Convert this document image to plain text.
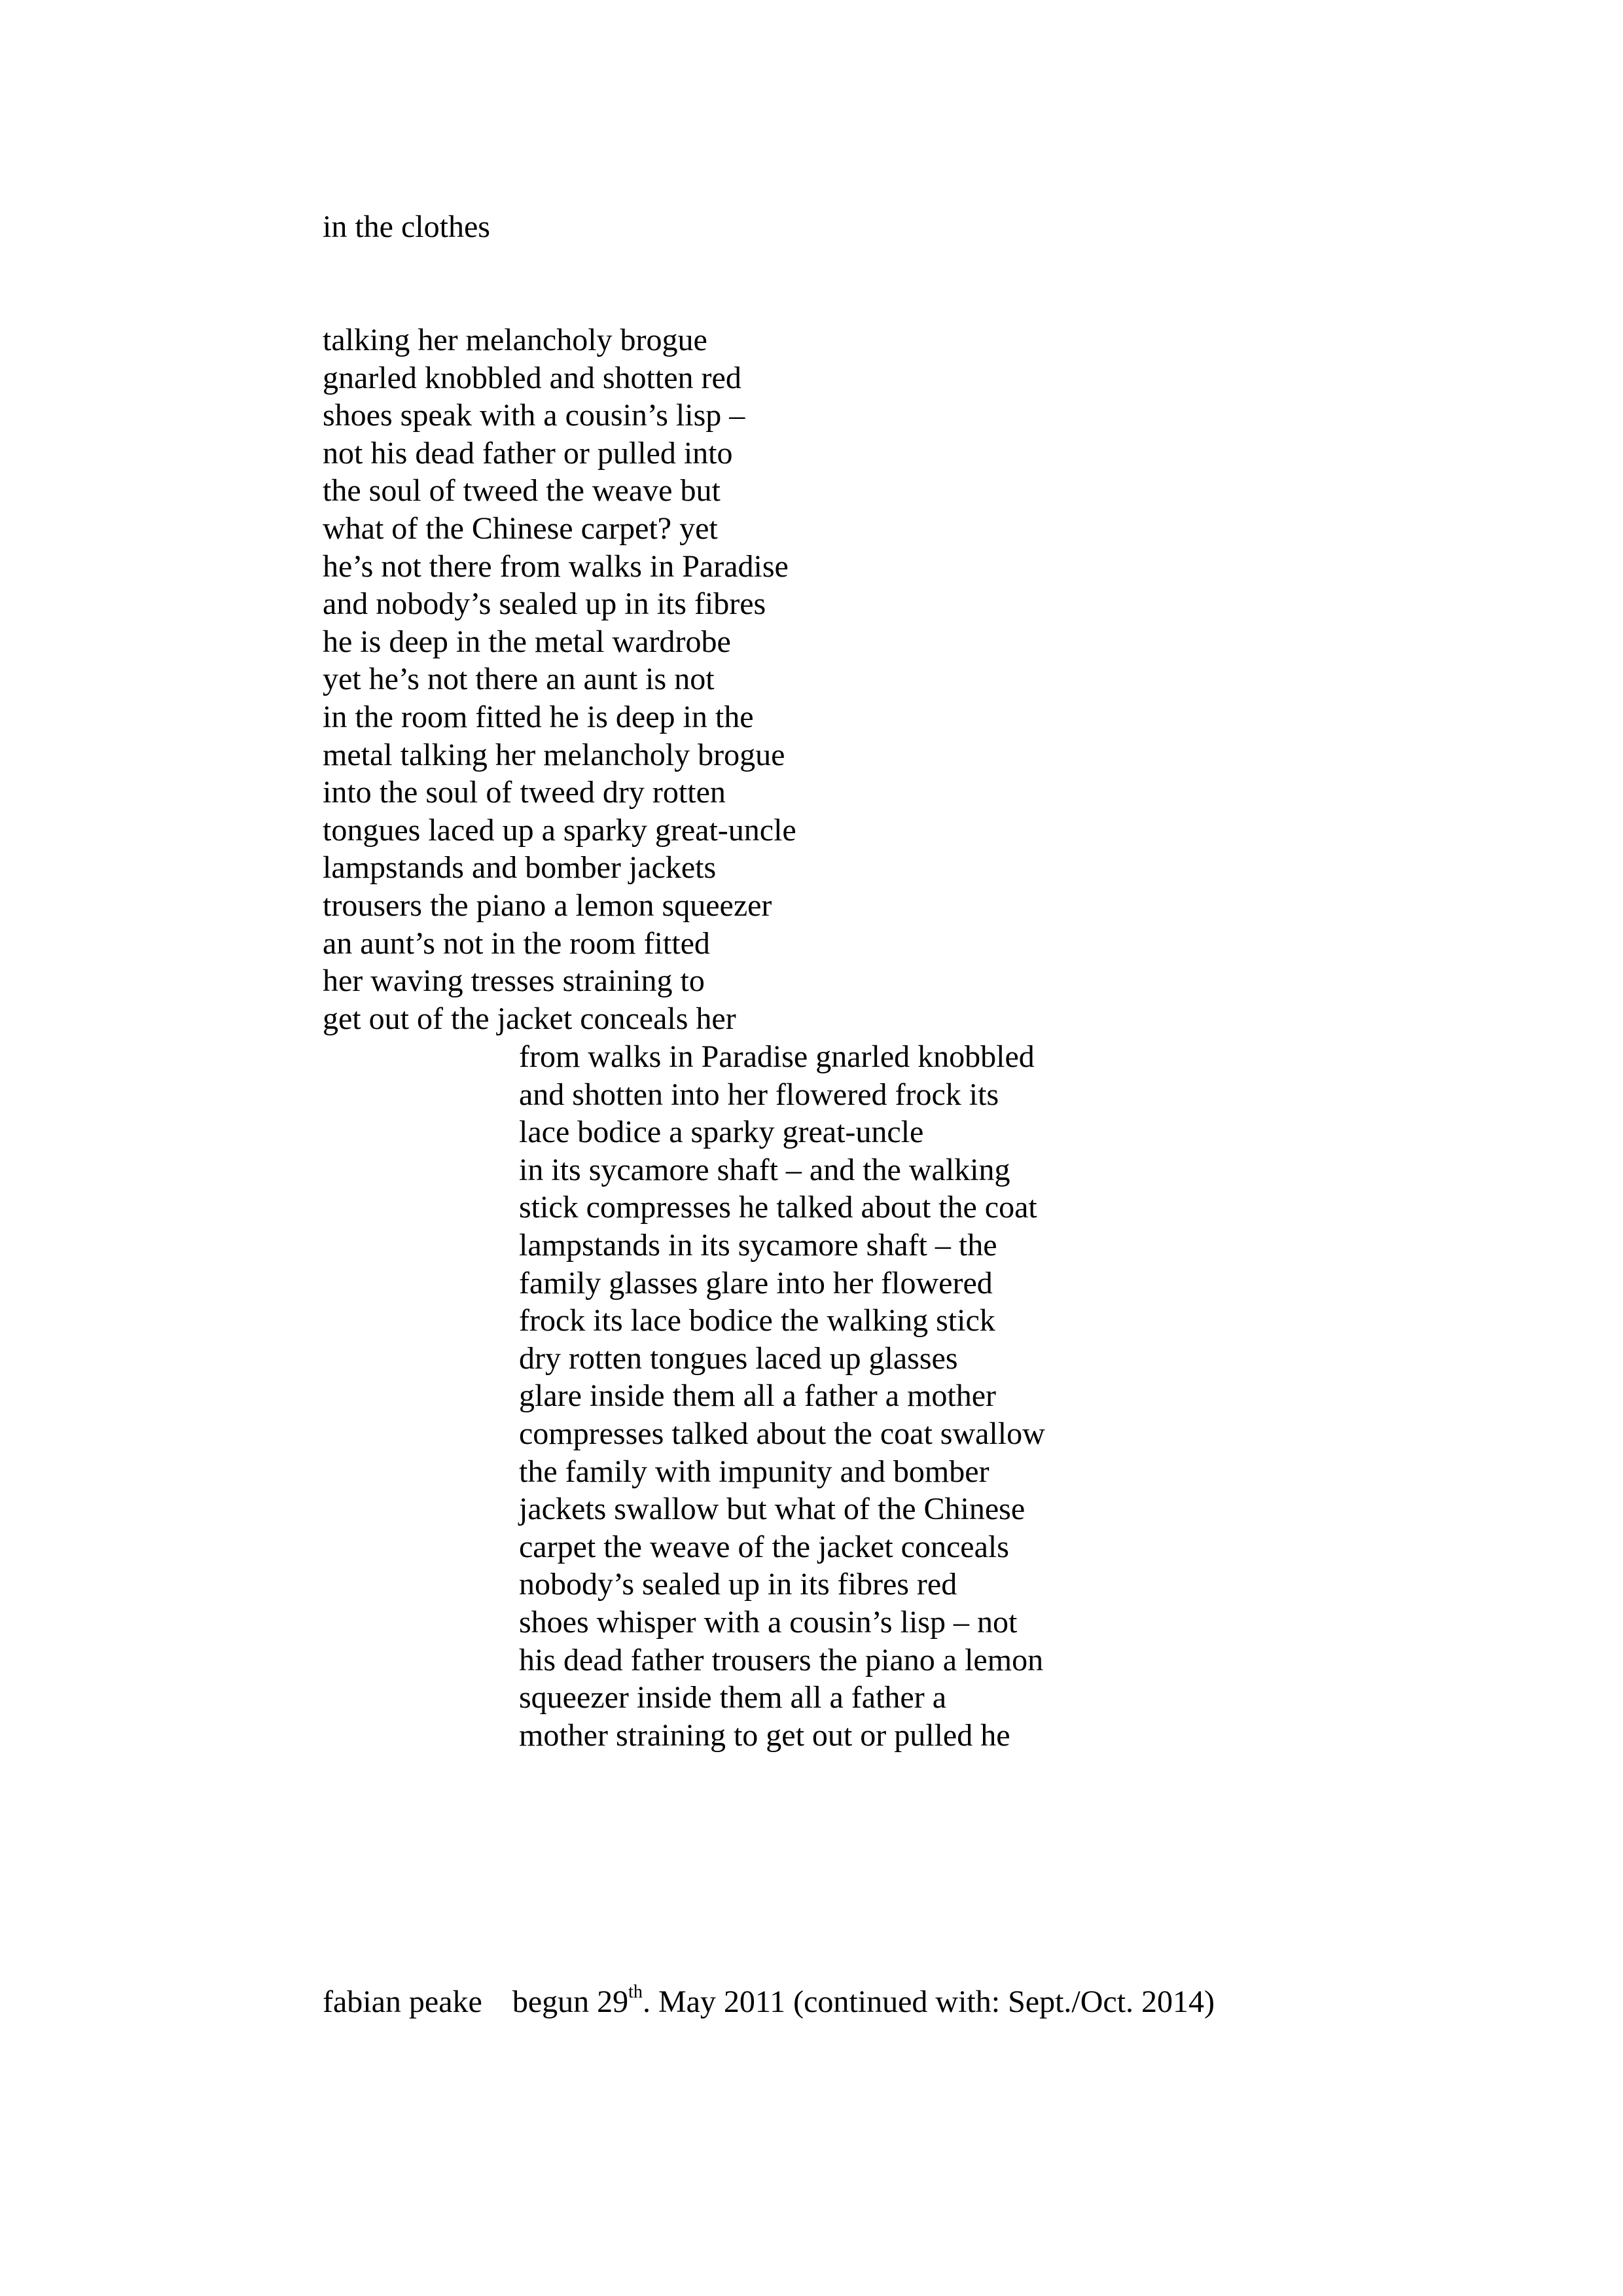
in the clothes
talking her melancholy brogue
gnarled knobbled and shotten red
shoes speak with a cousin’s lisp –
not his dead father or pulled into
the soul of tweed the weave but
what of the Chinese carpet? yet
he’s not there from walks in Paradise
and nobody’s sealed up in its fibres
he is deep in the metal wardrobe
yet he’s not there an aunt is not
in the room fitted he is deep in the
metal talking her melancholy brogue
into the soul of tweed dry rotten
tongues laced up a sparky great-uncle
lampstands and bomber jackets
trousers the piano a lemon squeezer
an aunt’s not in the room fitted
her waving tresses straining to
get out of the jacket conceals her
from walks in Paradise gnarled knobbled
and shotten into her flowered frock its
lace bodice a sparky great-uncle
in its sycamore shaft – and the walking
stick compresses he talked about the coat
lampstands in its sycamore shaft – the
family glasses glare into her flowered
frock its lace bodice the walking stick
dry rotten tongues laced up glasses
glare inside them all a father a mother
compresses talked about the coat swallow
the family with impunity and bomber
jackets swallow but what of the Chinese
carpet the weave of the jacket conceals
nobody’s sealed up in its fibres red
shoes whisper with a cousin’s lisp – not
his dead father trousers the piano a lemon
squeezer inside them all a father a
mother straining to get out or pulled he
fabian peake begun 29th. May 2011 (continued with: Sept./Oct. 2014)
